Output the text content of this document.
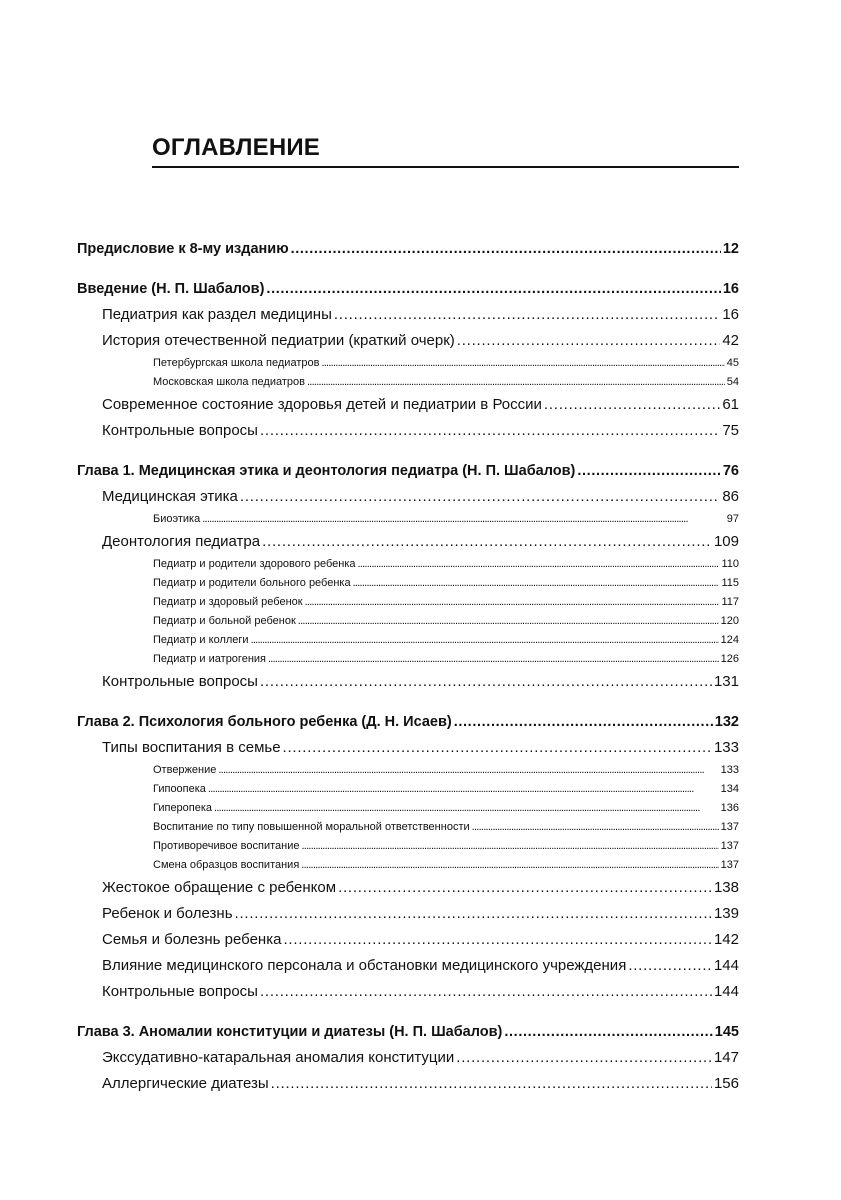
ОГЛАВЛЕНИЕ
Предисловие к 8-му изданию . . .	12
Введение (Н. П. Шабалов) . . .	16
Педиатрия как раздел медицины . . .	16
История отечественной педиатрии (краткий очерк) . . .	42
Петербургская школа педиатров . . .	45
Московская школа педиатров . . .	54
Современное состояние здоровья детей и педиатрии в России . . .	61
Контрольные вопросы . . .	75
Глава 1. Медицинская этика и деонтология педиатра (Н. П. Шабалов) . . .	76
Медицинская этика . . .	86
Биоэтика . . .	97
Деонтология педиатра . . .	109
Педиатр и родители здорового ребенка . . .	110
Педиатр и родители больного ребенка . . .	115
Педиатр и здоровый ребенок . . .	117
Педиатр и больной ребенок . . .	120
Педиатр и коллеги . . .	124
Педиатр и иатрогения . . .	126
Контрольные вопросы . . .	131
Глава 2. Психология больного ребенка (Д. Н. Исаев) . . .	132
Типы воспитания в семье . . .	133
Отвержение . . .	133
Гипоопека . . .	134
Гиперопека . . .	136
Воспитание по типу повышенной моральной ответственности . . .	137
Противоречивое воспитание . . .	137
Смена образцов воспитания . . .	137
Жестокое обращение с ребенком . . .	138
Ребенок и болезнь . . .	139
Семья и болезнь ребенка . . .	142
Влияние медицинского персонала и обстановки медицинского учреждения . . .	144
Контрольные вопросы . . .	144
Глава 3. Аномалии конституции и диатезы (Н. П. Шабалов) . . .	145
Экссудативно-катаральная аномалия конституции . . .	147
Аллергические диатезы . . .	156
